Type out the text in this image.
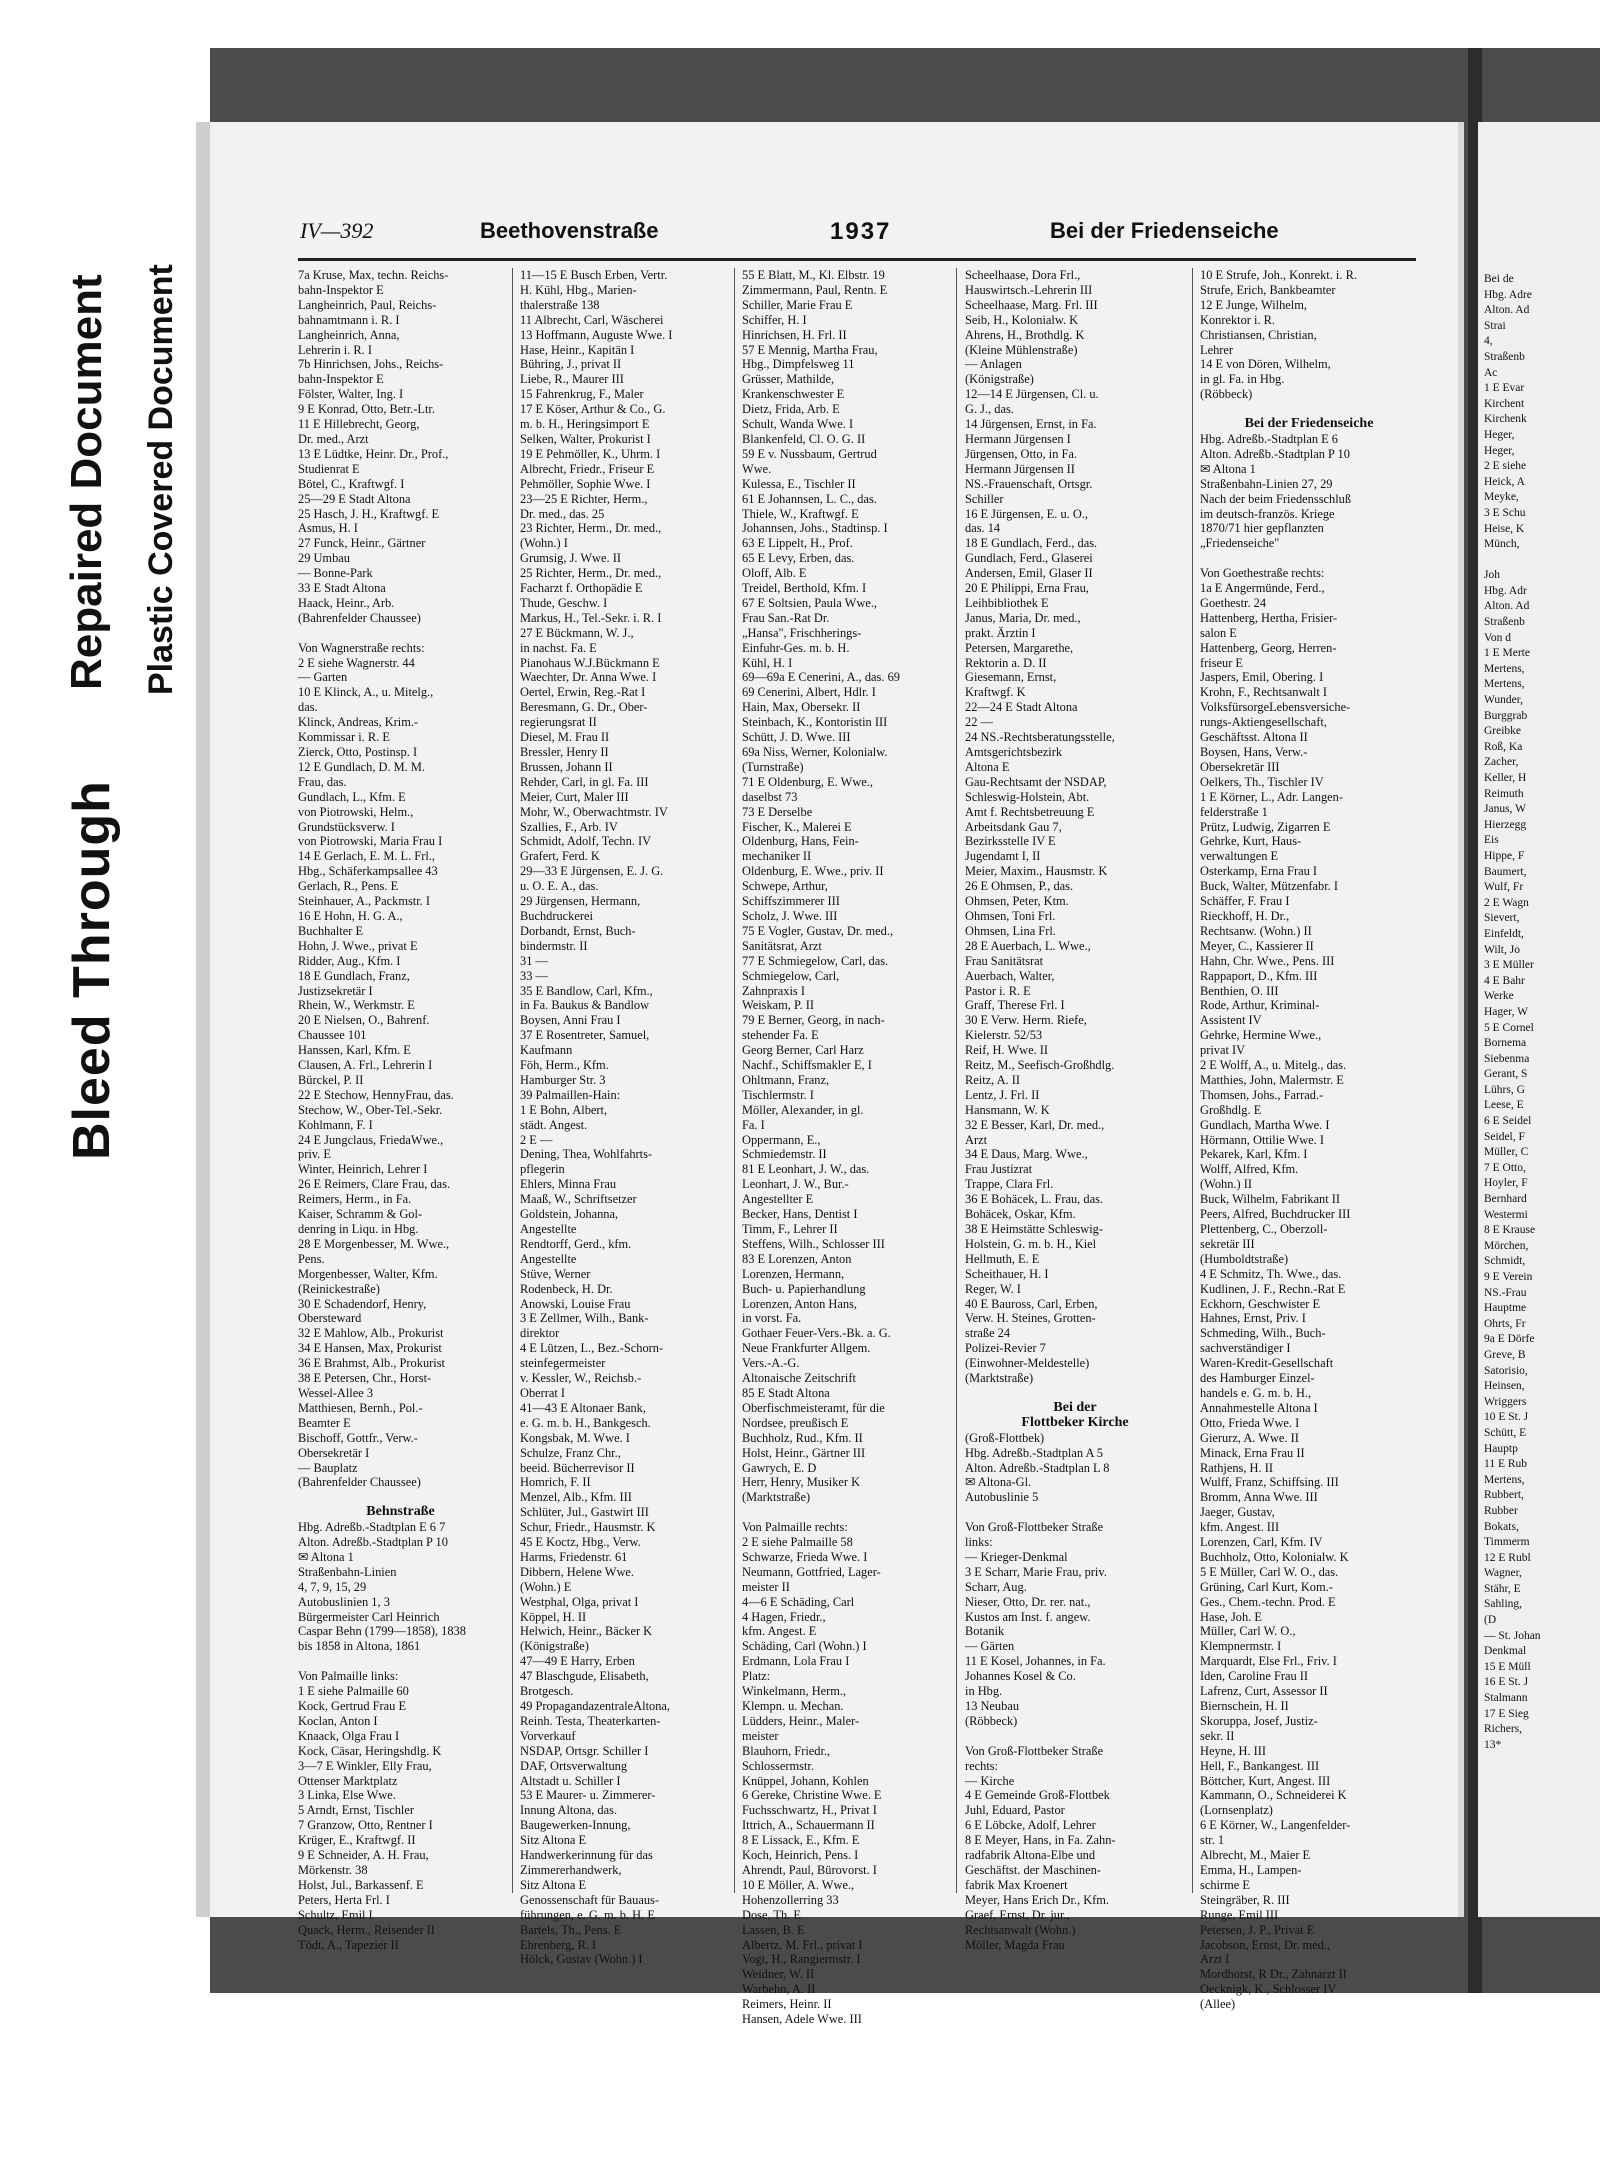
Bleed Through
Repaired Document Plastic Covered Document
IV—392	Beethovenstraße	1937	Bei der Friedenseiche
7a Kruse, Max, techn. Reichs-
bahn-Inspektor E
Langheinrich, Paul, Reichs-
bahnamtmann i. R. I
Langheinrich, Anna,
Lehrerin i. R. I
7b Hinrichsen, Johs., Reichs-
bahn-Inspektor E
Fölster, Walter, Ing. I
9 E Konrad, Otto, Betr.-Ltr.
11 E Hillebrecht, Georg,
Dr. med., Arzt
13 E Lüdtke, Heinr. Dr., Prof.,
Studienrat E
Bötel, C., Kraftwgf. I
25—29 E Stadt Altona
25 Hasch, J. H., Kraftwgf. E
Asmus, H. I
27 Funck, Heinr., Gärtner
29 Umbau
— Bonne-Park
33 E Stadt Altona
Haack, Heinr., Arb.
(Bahrenfelder Chaussee)

Von Wagnerstraße rechts:
2 E siehe Wagnerstr. 44
— Garten
10 E Klinck, A., u. Mitelg.,
das.
Klinck, Andreas, Krim.-
Kommissar i. R. E
Zierck, Otto, Postinsp. I
12 E Gundlach, D. M. M.
Frau, das.
Gundlach, L., Kfm. E
von Piotrowski, Helm.,
Grundstücksverw. I
von Piotrowski, Maria Frau I
14 E Gerlach, E. M. L. Frl.,
Hbg., Schäferkampsallee 43
Gerlach, R., Pens. E
Steinhauer, A., Packmstr. I
16 E Hohn, H. G. A.,
Buchhalter E
Hohn, J. Wwe., privat E
Ridder, Aug., Kfm. I
18 E Gundlach, Franz,
Justizsekretär I
Rhein, W., Werkmstr. E
20 E Nielsen, O., Bahrenf.
Chaussee 101
Hanssen, Karl, Kfm. E
Clausen, A. Frl., Lehrerin I
Bürckel, P. II
22 E Stechow, HennyFrau, das.
Stechow, W., Ober-Tel.-Sekr.
Kohlmann, F. I
24 E Jungclaus, FriedaWwe.,
priv. E
Winter, Heinrich, Lehrer I
26 E Reimers, Clare Frau, das.
Reimers, Herm., in Fa.
Kaiser, Schramm & Gol-
denring in Liqu. in Hbg.
28 E Morgenbesser, M. Wwe.,
Pens.
Morgenbesser, Walter, Kfm.
(Reinickestraße)
30 E Schadendorf, Henry,
Obersteward
32 E Mahlow, Alb., Prokurist
34 E Hansen, Max, Prokurist
36 E Brahmst, Alb., Prokurist
38 E Petersen, Chr., Horst-
Wessel-Allee 3
Matthiesen, Bernh., Pol.-
Beamter E
Bischoff, Gottfr., Verw.-
Obersekretär I
— Bauplatz
(Bahrenfelder Chaussee)

Behnstraße
Hbg. Adreßb.-Stadtplan E 6 7
Alton. Adreßb.-Stadtplan P 10
✉ Altona 1
Straßenbahn-Linien
4, 7, 9, 15, 29
Autobuslinien 1, 3
Bürgermeister Carl Heinrich
Caspar Behn (1799—1858), 1838
bis 1858 in Altona, 1861

Von Palmaille links:
1 E siehe Palmaille 60
Kock, Gertrud Frau E
Koclan, Anton I
Knaack, Olga Frau I
Kock, Cäsar, Heringshdlg. K
3—7 E Winkler, Elly Frau,
Ottenser Marktplatz
3 Linka, Else Wwe.
5 Arndt, Ernst, Tischler
7 Granzow, Otto, Rentner I
Krüger, E., Kraftwgf. II
9 E Schneider, A. H. Frau,
Mörkenstr. 38
Holst, Jul., Barkassenf. E
Peters, Herta Frl. I
Schultz, Emil I
Quack, Herm., Reisender II
Tödt, A., Tapezier II
11—15 E Busch Erben, Vertr.
H. Kühl, Hbg., Marien-
thalerstraße 138
11 Albrecht, Carl, Wäscherei
13 Hoffmann, Auguste Wwe. I
Hase, Heinr., Kapitän I
Bühring, J., privat II
Liebe, R., Maurer III
15 Fahrenkrug, F., Maler
17 E Köser, Arthur & Co., G.
m. b. H., Heringsimport E
Selken, Walter, Prokurist I
19 E Pehmöller, K., Uhrm. I
Albrecht, Friedr., Friseur E
Pehmöller, Sophie Wwe. I
23—25 E Richter, Herm.,
Dr. med., das. 25
23 Richter, Herm., Dr. med.,
(Wohn.) I
Grumsig, J. Wwe. II
25 Richter, Herm., Dr. med.,
Facharzt f. Orthopädie E
Thude, Geschw. I
Markus, H., Tel.-Sekr. i. R. I
27 E Bückmann, W. J.,
in nachst. Fa. E
Pianohaus W.J.Bückmann E
Waechter, Dr. Anna Wwe. I
Oertel, Erwin, Reg.-Rat I
Beresmann, G. Dr., Ober-
regierungsrat II
Diesel, M. Frau II
Bressler, Henry II
Brussen, Johann II
Rehder, Carl, in gl. Fa. III
Meier, Curt, Maler III
Mohr, W., Oberwachtmstr. IV
Szallies, F., Arb. IV
Schmidt, Adolf, Techn. IV
Grafert, Ferd. K
29—33 E Jürgensen, E. J. G.
u. O. E. A., das.
29 Jürgensen, Hermann,
Buchdruckerei
Dorbandt, Ernst, Buch-
bindermstr. II
31 —
33 —
35 E Bandlow, Carl, Kfm.,
in Fa. Baukus & Bandlow
Boysen, Anni Frau I
37 E Rosentreter, Samuel,
Kaufmann
Föh, Herm., Kfm.
Hamburger Str. 3
39 Palmaillen-Hain:
1 E Bohn, Albert,
städt. Angest.
2 E —
Dening, Thea, Wohlfahrts-
pflegerin
Ehlers, Minna Frau
Maaß, W., Schriftsetzer
Goldstein, Johanna,
Angestellte
Rendtorff, Gerd., kfm.
Angestellte
Stüve, Werner
Rodenbeck, H. Dr.
Anowski, Louise Frau
3 E Zellmer, Wilh., Bank-
direktor
4 E Lützen, L., Bez.-Schorn-
steinfegermeister
v. Kessler, W., Reichsb.-
Oberrat I
41—43 E Altonaer Bank,
e. G. m. b. H., Bankgesch.
Kongsbak, M. Wwe. I
Schulze, Franz Chr.,
beeid. Bücherrevisor II
Homrich, F. II
Menzel, Alb., Kfm. III
Schlüter, Jul., Gastwirt III
Schur, Friedr., Hausmstr. K
45 E Koctz, Hbg., Verw.
Harms, Friedenstr. 61
Dibbern, Helene Wwe.
(Wohn.) E
Westphal, Olga, privat I
Köppel, H. II
Helwich, Heinr., Bäcker K
(Königstraße)
47—49 E Harry, Erben
47 Blaschgude, Elisabeth,
Brotgesch.
49 PropagandazentraleAltona,
Reinh. Testa, Theaterkarten-
Vorverkauf
NSDAP, Ortsgr. Schiller I
DAF, Ortsverwaltung
Altstadt u. Schiller I
53 E Maurer- u. Zimmerer-
Innung Altona, das.
Baugewerken-Innung,
Sitz Altona E
Handwerkerinnung für das
Zimmererhandwerk,
Sitz Altona E
Genossenschaft für Bauaus-
führungen, e. G. m. b. H. E
Bartels, Th., Pens. E
Ehrenberg, R. I
Hölck, Gustav (Wohn.) I
55 E Blatt, M., Kl. Elbstr. 19
Zimmermann, Paul, Rentn. E
Schiller, Marie Frau E
Schiffer, H. I
Hinrichsen, H. Frl. II
57 E Mennig, Martha Frau,
Hbg., Dimpfelsweg 11
Grüsser, Mathilde,
Krankenschwester E
Dietz, Frida, Arb. E
Schult, Wanda Wwe. I
Blankenfeld, Cl. O. G. II
59 E v. Nussbaum, Gertrud
Wwe.
Kulessa, E., Tischler II
61 E Johannsen, L. C., das.
Thiele, W., Kraftwgf. E
Johannsen, Johs., Stadtinsp. I
63 E Lippelt, H., Prof.
65 E Levy, Erben, das.
Oloff, Alb. E
Treidel, Berthold, Kfm. I
67 E Soltsien, Paula Wwe.,
Frau San.-Rat Dr.
„Hansa", Frischherings-
Einfuhr-Ges. m. b. H.
Kühl, H. I
69—69a E Cenerini, A., das. 69
69 Cenerini, Albert, Hdlr. I
Hain, Max, Obersekr. II
Steinbach, K., Kontoristin III
Schütt, J. D. Wwe. III
69a Niss, Werner, Kolonialw.
(Turnstraße)
71 E Oldenburg, E. Wwe.,
daselbst 73
73 E Derselbe
Fischer, K., Malerei E
Oldenburg, Hans, Fein-
mechaniker II
Oldenburg, E. Wwe., priv. II
Schwepe, Arthur,
Schiffszimmerer III
Scholz, J. Wwe. III
75 E Vogler, Gustav, Dr. med.,
Sanitätsrat, Arzt
77 E Schmiegelow, Carl, das.
Schmiegelow, Carl,
Zahnpraxis I
Weiskam, P. II
79 E Berner, Georg, in nach-
stehender Fa. E
Georg Berner, Carl Harz
Nachf., Schiffsmakler E, I
Ohltmann, Franz,
Tischlermstr. I
Möller, Alexander, in gl.
Fa. I
Oppermann, E.,
Schmiedemstr. II
81 E Leonhart, J. W., das.
Leonhart, J. W., Bur.-
Angestellter E
Becker, Hans, Dentist I
Timm, F., Lehrer II
Steffens, Wilh., Schlosser III
83 E Lorenzen, Anton
Lorenzen, Hermann,
Buch- u. Papierhandlung
Lorenzen, Anton Hans,
in vorst. Fa.
Gothaer Feuer-Vers.-Bk. a. G.
Neue Frankfurter Allgem.
Vers.-A.-G.
Altonaische Zeitschrift
85 E Stadt Altona
Oberfischmeisteramt, für die
Nordsee, preußisch E
Buchholz, Rud., Kfm. II
Holst, Heinr., Gärtner III
Gawrych, E. D
Herr, Henry, Musiker K
(Marktstraße)

Von Palmaille rechts:
2 E siehe Palmaille 58
Schwarze, Frieda Wwe. I
Neumann, Gottfried, Lager-
meister II
4—6 E Schäding, Carl
4 Hagen, Friedr.,
kfm. Angest. E
Schäding, Carl (Wohn.) I
Erdmann, Lola Frau I
Platz:
Winkelmann, Herm.,
Klempn. u. Mechan.
Lüdders, Heinr., Maler-
meister
Blauhorn, Friedr.,
Schlossermstr.
Knüppel, Johann, Kohlen
6 Gereke, Christine Wwe. E
Fuchsschwartz, H., Privat I
Ittrich, A., Schauermann II
8 E Lissack, E., Kfm. E
Koch, Heinrich, Pens. I
Ahrendt, Paul, Bürovorst. I
10 E Möller, A. Wwe.,
Hohenzollerring 33
Dose, Th. E
Lassen, B. E
Albertz, M. Frl., privat I
Vogt, H., Rangiermstr. I
Weidner, W. II
Warbehn, A. II
Reimers, Heinr. II
Hansen, Adele Wwe. III
Scheelhaase, Dora Frl.,
Hauswirtsch.-Lehrerin III
Scheelhaase, Marg. Frl. III
Seib, H., Kolonialw. K
Ahrens, H., Brothdlg. K
(Kleine Mühlenstraße)
— Anlagen
(Königstraße)
12—14 E Jürgensen, Cl. u.
G. J., das.
14 Jürgensen, Ernst, in Fa.
Hermann Jürgensen I
Jürgensen, Otto, in Fa.
Hermann Jürgensen II
NS.-Frauenschaft, Ortsgr.
Schiller
16 E Jürgensen, E. u. O.,
das. 14
18 E Gundlach, Ferd., das.
Gundlach, Ferd., Glaserei
Andersen, Emil, Glaser II
20 E Philippi, Erna Frau,
Leihbibliothek E
Janus, Maria, Dr. med.,
prakt. Ärztin I
Petersen, Margarethe,
Rektorin a. D. II
Giesemann, Ernst,
Kraftwgf. K
22—24 E Stadt Altona
22 —
24 NS.-Rechtsberatungsstelle,
Amtsgerichtsbezirk
Altona E
Gau-Rechtsamt der NSDAP,
Schleswig-Holstein, Abt.
Amt f. Rechtsbetreuung E
Arbeitsdank Gau 7,
Bezirksstelle IV E
Jugendamt I, II
Meier, Maxim., Hausmstr. K
26 E Ohmsen, P., das.
Ohmsen, Peter, Ktm.
Ohmsen, Toni Frl.
Ohmsen, Lina Frl.
28 E Auerbach, L. Wwe.,
Frau Sanitätsrat
Auerbach, Walter,
Pastor i. R. E
Graff, Therese Frl. I
30 E Verw. Herm. Riefe,
Kielerstr. 52/53
Reif, H. Wwe. II
Reitz, M., Seefisch-Großhdlg.
Reitz, A. II
Lentz, J. Frl. II
Hansmann, W. K
32 E Besser, Karl, Dr. med.,
Arzt
34 E Daus, Marg. Wwe.,
Frau Justizrat
Trappe, Clara Frl.
36 E Bohäcek, L. Frau, das.
Bohäcek, Oskar, Kfm.
38 E Heimstätte Schleswig-
Holstein, G. m. b. H., Kiel
Hellmuth, E. E
Scheithauer, H. I
Reger, W. I
40 E Bauross, Carl, Erben,
Verw. H. Steines, Grotten-
straße 24
Polizei-Revier 7
(Einwohner-Meldestelle)
(Marktstraße)

Bei der
Flottbeker Kirche
(Groß-Flottbek)
Hbg. Adreßb.-Stadtplan A 5
Alton. Adreßb.-Stadtplan L 8
✉ Altona-Gl.
Autobuslinie 5

Von Groß-Flottbeker Straße
links:
— Krieger-Denkmal
3 E Scharr, Marie Frau, priv.
Scharr, Aug.
Nieser, Otto, Dr. rer. nat.,
Kustos am Inst. f. angew.
Botanik
— Gärten
11 E Kosel, Johannes, in Fa.
Johannes Kosel & Co.
in Hbg.
13 Neubau
(Röbbeck)

Von Groß-Flottbeker Straße
rechts:
— Kirche
4 E Gemeinde Groß-Flottbek
Juhl, Eduard, Pastor
6 E Löbcke, Adolf, Lehrer
8 E Meyer, Hans, in Fa. Zahn-
radfabrik Altona-Elbe und
Geschäftst. der Maschinen-
fabrik Max Kroenert
Meyer, Hans Erich Dr., Kfm.
Graef, Ernst, Dr. jur.,
Rechtsanwalt (Wohn.)
Möller, Magda Frau
10 E Strufe, Joh., Konrekt. i. R.
Strufe, Erich, Bankbeamter
12 E Junge, Wilhelm,
Konrektor i. R.
Christiansen, Christian,
Lehrer
14 E von Dören, Wilhelm,
in gl. Fa. in Hbg.
(Röbbeck)

Bei der Friedenseiche
Hbg. Adreßb.-Stadtplan E 6
Alton. Adreßb.-Stadtplan P 10
✉ Altona 1
Straßenbahn-Linien 27, 29
Nach der beim Friedensschluß
im deutsch-französ. Kriege
1870/71 hier gepflanzten
„Friedenseiche"

Von Goethestraße rechts:
1a E Angermünde, Ferd.,
Goethestr. 24
Hattenberg, Hertha, Frisier-
salon E
Hattenberg, Georg, Herren-
friseur E
Jaspers, Emil, Obering. I
Krohn, F., Rechtsanwalt I
VolksfürsorgeLebensversiche-
rungs-Aktiengesellschaft,
Geschäftsst. Altona II
Boysen, Hans, Verw.-
Obersekretär III
Oelkers, Th., Tischler IV
1 E Körner, L., Adr. Langen-
felderstraße 1
Prütz, Ludwig, Zigarren E
Gehrke, Kurt, Haus-
verwaltungen E
Osterkamp, Erna Frau I
Buck, Walter, Mützenfabr. I
Schäffer, F. Frau I
Rieckhoff, H. Dr.,
Rechtsanw. (Wohn.) II
Meyer, C., Kassierer II
Hahn, Chr. Wwe., Pens. III
Rappaport, D., Kfm. III
Benthien, O. III
Rode, Arthur, Kriminal-
Assistent IV
Gehrke, Hermine Wwe.,
privat IV
2 E Wolff, A., u. Mitelg., das.
Matthies, John, Malermstr. E
Thomsen, Johs., Farrad.-
Großhdlg. E
Gundlach, Martha Wwe. I
Hörmann, Ottilie Wwe. I
Pekarek, Karl, Kfm. I
Wolff, Alfred, Kfm.
(Wohn.) II
Buck, Wilhelm, Fabrikant II
Peers, Alfred, Buchdrucker III
Plettenberg, C., Oberzoll-
sekretär III
(Humboldtstraße)
4 E Schmitz, Th. Wwe., das.
Kudlinen, J. F., Rechn.-Rat E
Eckhorn, Geschwister E
Hahnes, Ernst, Priv. I
Schmeding, Wilh., Buch-
sachverständiger I
Waren-Kredit-Gesellschaft
des Hamburger Einzel-
handels e. G. m. b. H.,
Annahmestelle Altona I
Otto, Frieda Wwe. I
Gierurz, A. Wwe. II
Minack, Erna Frau II
Rathjens, H. II
Wulff, Franz, Schiffsing. III
Bromm, Anna Wwe. III
Jaeger, Gustav,
kfm. Angest. III
Lorenzen, Carl, Kfm. IV
Buchholz, Otto, Kolonialw. K
5 E Müller, Carl W. O., das.
Grüning, Carl Kurt, Kom.-
Ges., Chem.-techn. Prod. E
Hase, Joh. E
Müller, Carl W. O.,
Klempnermstr. I
Marquardt, Else Frl., Friv. I
Iden, Caroline Frau II
Lafrenz, Curt, Assessor II
Biernschein, H. II
Skoruppa, Josef, Justiz-
sekr. II
Heyne, H. III
Hell, F., Bankangest. III
Böttcher, Kurt, Angest. III
Kammann, O., Schneiderei K
(Lornsenplatz)
6 E Körner, W., Langenfelder-
str. 1
Albrecht, M., Maier E
Emma, H., Lampen-
schirme E
Steingräber, R. III
Runge, Emil III
Petersen, J. P., Privat E
Jacobson, Ernst, Dr. med.,
Arzt I
Mordhorst, R Dr., Zahnarzt II
Oecknigk, K., Schlosser IV
(Allee)
Bei de
Hbg. Adre
Alton. Ad
Strai
4,
Straßenb
Ac
1 E Evar
Kirchent
Kirchenk
Heger,
Heger,
2 E siehe
Heick, A
Meyke,
3 E Schu
Heise, K
Münch,

Joh
Hbg. Adr
Alton. Ad
Straßenb
Von d
1 E Merte
Mertens,
Mertens,
Wunder,
Burggrab
Greibke
Roß, Ka
Zacher,
Keller, H
Reimuth
Janus, W
Hierzegg
Eis
Hippe, F
Baumert,
Wulf, Fr
2 E Wagn
Sievert,
Einfeldt,
Wilt, Jo
3 E Müller
4 E Bahr
Werke
Hager, W
5 E Cornel
Bornema
Siebenma
Gerant, S
Lührs, G
Leese, E
6 E Seidel
Seidel, F
Müller, C
7 E Otto,
Hoyler, F
Bernhard
Westermi
8 E Krause
Mörchen,
Schmidt,
9 E Verein
NS.-Frau
Hauptme
Ohrts, Fr
9a E Dörfe
Greve, B
Satorisio,
Heinsen,
Wriggers
10 E St. J
Schütt, E
Hauptp
11 E Rub
Mertens,
Rubbert,
Rubber
Bokats,
Timmerm
12 E Rubl
Wagner,
Stähr, E
Sahling,
(D
— St. Johan
Denkmal
15 E Müll
16 E St. J
Stalmann
17 E Sieg
Richers,
13*
